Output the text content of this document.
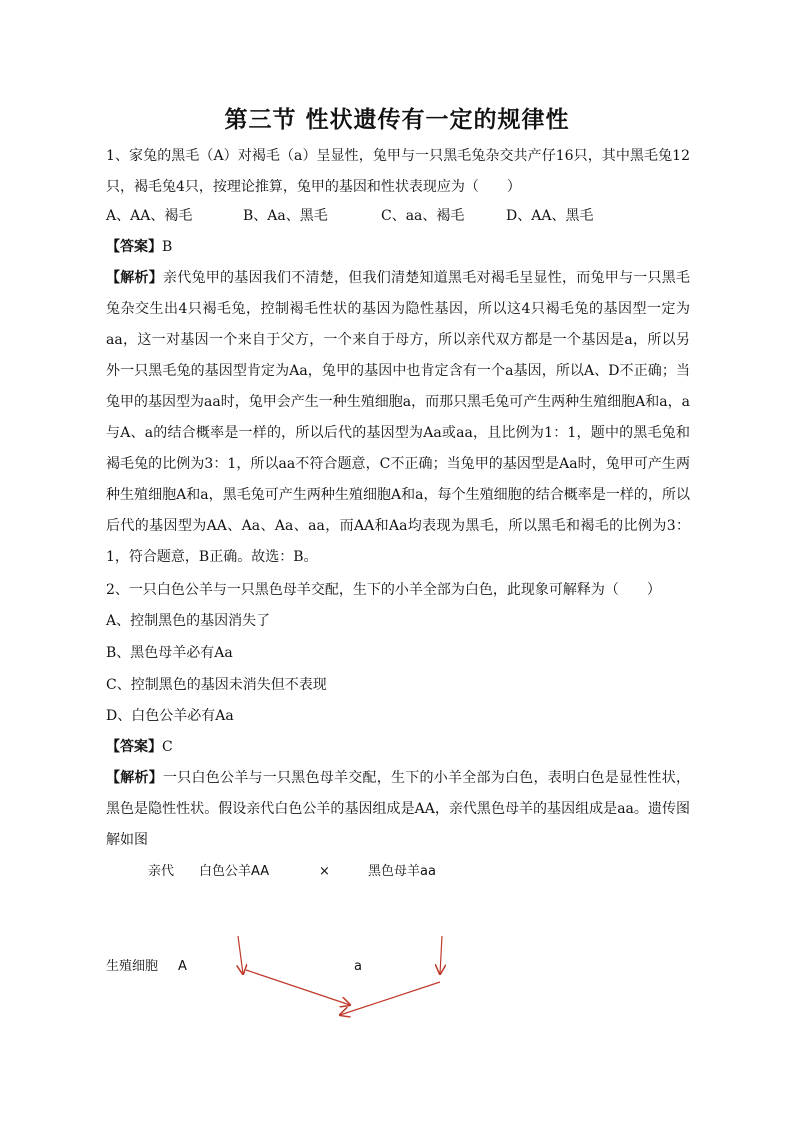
第三节 性状遗传有一定的规律性

1、家兔的黑毛（A）对褐毛（a）呈显性，兔甲与一只黑毛兔杂交共产仔16只，其中黑毛兔12只，褐毛兔4只，按理论推算，兔甲的基因和性状表现应为（　　）

A、AA、褐毛	B、Aa、黑毛	C、aa、褐毛	D、AA、黑毛
【答案】B

【解析】亲代兔甲的基因我们不清楚，但我们清楚知道黑毛对褐毛呈显性，而兔甲与一只黑毛兔杂交生出4只褐毛兔，控制褐毛性状的基因为隐性基因，所以这4只褐毛兔的基因型一定为aa，这一对基因一个来自于父方，一个来自于母方，所以亲代双方都是一个基因是a，所以另外一只黑毛兔的基因型肯定为Aa，兔甲的基因中也肯定含有一个a基因，所以A、D不正确；当兔甲的基因型为aa时，兔甲会产生一种生殖细胞a，而那只黑毛兔可产生两种生殖细胞A和a，a与A、a的结合概率是一样的，所以后代的基因型为Aa或aa，且比例为1：1，题中的黑毛兔和褐毛兔的比例为3：1，所以aa不符合题意，C不正确；当兔甲的基因型是Aa时，兔甲可产生两种生殖细胞A和a，黑毛兔可产生两种生殖细胞A和a，每个生殖细胞的结合概率是一样的，所以后代的基因型为AA、Aa、Aa、aa，而AA和Aa均表现为黑毛，所以黑毛和褐毛的比例为3：1，符合题意，B正确。故选：B。

2、一只白色公羊与一只黑色母羊交配，生下的小羊全部为白色，此现象可解释为（　　）

A、控制黑色的基因消失了
B、黑色母羊必有Aa
C、控制黑色的基因未消失但不表现
D、白色公羊必有Aa
【答案】C

【解析】一只白色公羊与一只黑色母羊交配，生下的小羊全部为白色，表明白色是显性性状，黑色是隐性性状。假设亲代白色公羊的基因组成是AA，亲代黑色母羊的基因组成是aa。遗传图解如图

亲代 白色公羊AA	×	黑色母羊aa
生殖细胞 A	a
